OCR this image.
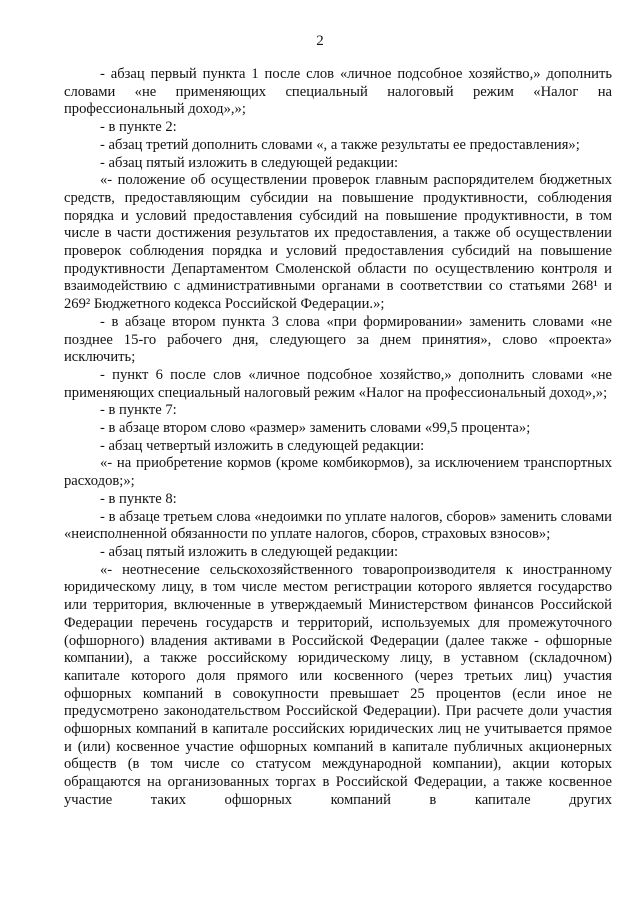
2

- абзац первый пункта 1 после слов «личное подсобное хозяйство,» дополнить словами «не применяющих специальный налоговый режим «Налог на профессиональный доход»,»;

- в пункте 2:

- абзац третий дополнить словами «, а также результаты ее предоставления»;

- абзац пятый изложить в следующей редакции:

«- положение об осуществлении проверок главным распорядителем бюджетных средств, предоставляющим субсидии на повышение продуктивности, соблюдения порядка и условий предоставления субсидий на повышение продуктивности, в том числе в части достижения результатов их предоставления, а также об осуществлении проверок соблюдения порядка и условий предоставления субсидий на повышение продуктивности Департаментом Смоленской области по осуществлению контроля и взаимодействию с административными органами в соответствии со статьями 268¹ и 269² Бюджетного кодекса Российской Федерации.»;

- в абзаце втором пункта 3 слова «при формировании» заменить словами «не позднее 15-го рабочего дня, следующего за днем принятия», слово «проекта» исключить;

- пункт 6 после слов «личное подсобное хозяйство,» дополнить словами «не применяющих специальный налоговый режим «Налог на профессиональный доход»,»;

- в пункте 7:

- в абзаце втором слово «размер» заменить словами «99,5 процента»;

- абзац четвертый изложить в следующей редакции:

«- на приобретение кормов (кроме комбикормов), за исключением транспортных расходов;»;

- в пункте 8:

- в абзаце третьем слова «недоимки по уплате налогов, сборов» заменить словами «неисполненной обязанности по уплате налогов, сборов, страховых взносов»;

- абзац пятый изложить в следующей редакции:

«- неотнесение сельскохозяйственного товаропроизводителя к иностранному юридическому лицу, в том числе местом регистрации которого является государство или территория, включенные в утверждаемый Министерством финансов Российской Федерации перечень государств и территорий, используемых для промежуточного (офшорного) владения активами в Российской Федерации (далее также - офшорные компании), а также российскому юридическому лицу, в уставном (складочном) капитале которого доля прямого или косвенного (через третьих лиц) участия офшорных компаний в совокупности превышает 25 процентов (если иное не предусмотрено законодательством Российской Федерации). При расчете доли участия офшорных компаний в капитале российских юридических лиц не учитывается прямое и (или) косвенное участие офшорных компаний в капитале публичных акционерных обществ (в том числе со статусом международной компании), акции которых обращаются на организованных торгах в Российской Федерации, а также косвенное участие таких офшорных компаний в капитале других
